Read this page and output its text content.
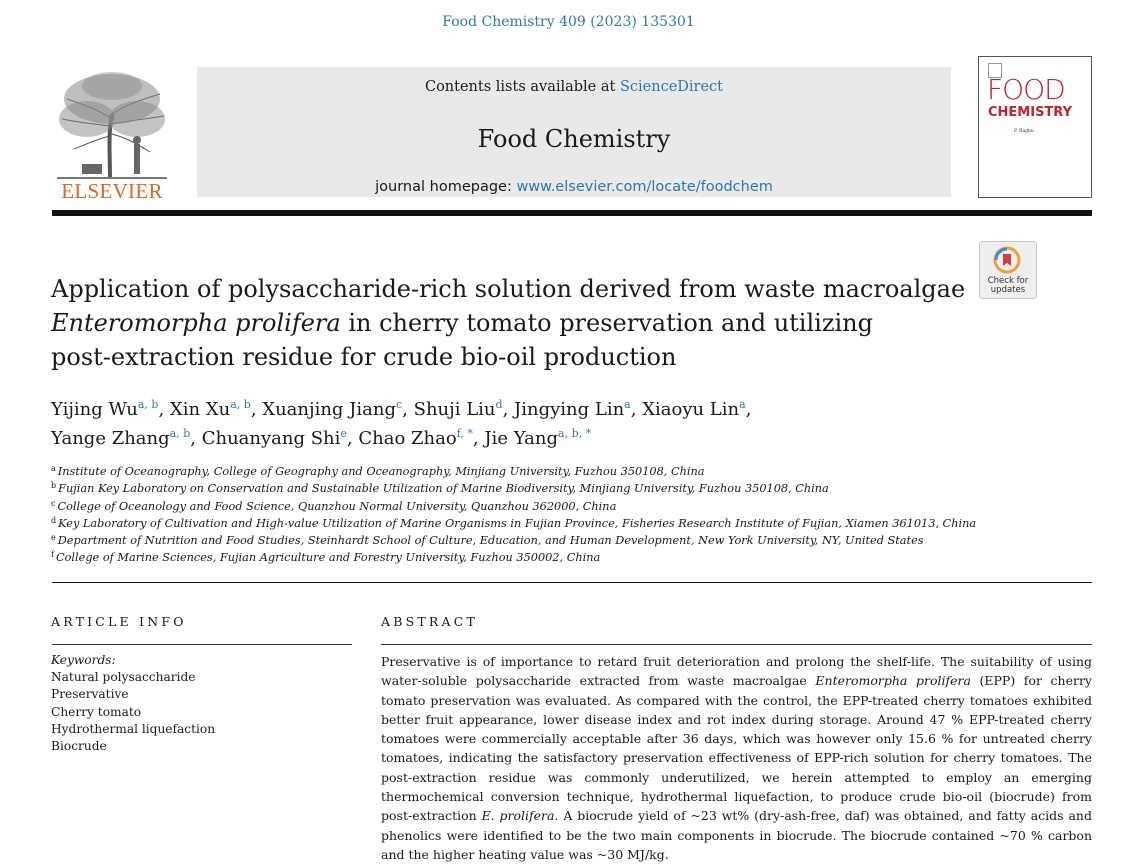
Food Chemistry 409 (2023) 135301
ELSEVIER
Contents lists available at ScienceDirect
Food Chemistry
journal homepage: www.elsevier.com/locate/foodchem
FOOD
CHEMISTRY
P. Raghu
Check for
updates
Application of polysaccharide-rich solution derived from waste macroalgae
Enteromorpha prolifera in cherry tomato preservation and utilizing
post-extraction residue for crude bio-oil production
Yijing Wu$^{a, b}$, Xin Xu$^{a, b}$, Xuanjing Jiang$^c$, Shuji Liu$^d$, Jingying Lin$^a$, Xiaoyu Lin$^a$,
Yange Zhang$^{a, b}$, Chuanyang Shi$^e$, Chao Zhao$^{f, *}$, Jie Yang$^{a, b, *}$
$^a$ Institute of Oceanography, College of Geography and Oceanography, Minjiang University, Fuzhou 350108, China
$^b$ Fujian Key Laboratory on Conservation and Sustainable Utilization of Marine Biodiversity, Minjiang University, Fuzhou 350108, China
$^c$ College of Oceanology and Food Science, Quanzhou Normal University, Quanzhou 362000, China
$^d$ Key Laboratory of Cultivation and High-value Utilization of Marine Organisms in Fujian Province, Fisheries Research Institute of Fujian, Xiamen 361013, China
$^e$ Department of Nutrition and Food Studies, Steinhardt School of Culture, Education, and Human Development, New York University, NY, United States
$^f$ College of Marine Sciences, Fujian Agriculture and Forestry University, Fuzhou 350002, China
ARTICLE INFO	ABSTRACT
Keywords:
Natural polysaccharide
Preservative
Cherry tomato
Hydrothermal liquefaction
Biocrude
Preservative is of importance to retard fruit deterioration and prolong the shelf-life. The suitability of using water-soluble polysaccharide extracted from waste macroalgae Enteromorpha prolifera (EPP) for cherry tomato preservation was evaluated. As compared with the control, the EPP-treated cherry tomatoes exhibited better fruit appearance, lower disease index and rot index during storage. Around 47 % EPP-treated cherry tomatoes were commercially acceptable after 36 days, which was however only 15.6 % for untreated cherry tomatoes, indicating the satisfactory preservation effectiveness of EPP-rich solution for cherry tomatoes. The post-extraction residue was commonly underutilized, we herein attempted to employ an emerging thermochemical conversion technique, hydrothermal liquefaction, to produce crude bio-oil (biocrude) from post-extraction E. prolifera. A biocrude yield of ~23 wt% (dry-ash-free, daf) was obtained, and fatty acids and phenolics were identified to be the two main components in biocrude. The biocrude contained ~70 % carbon and the higher heating value was ~30 MJ/kg.
